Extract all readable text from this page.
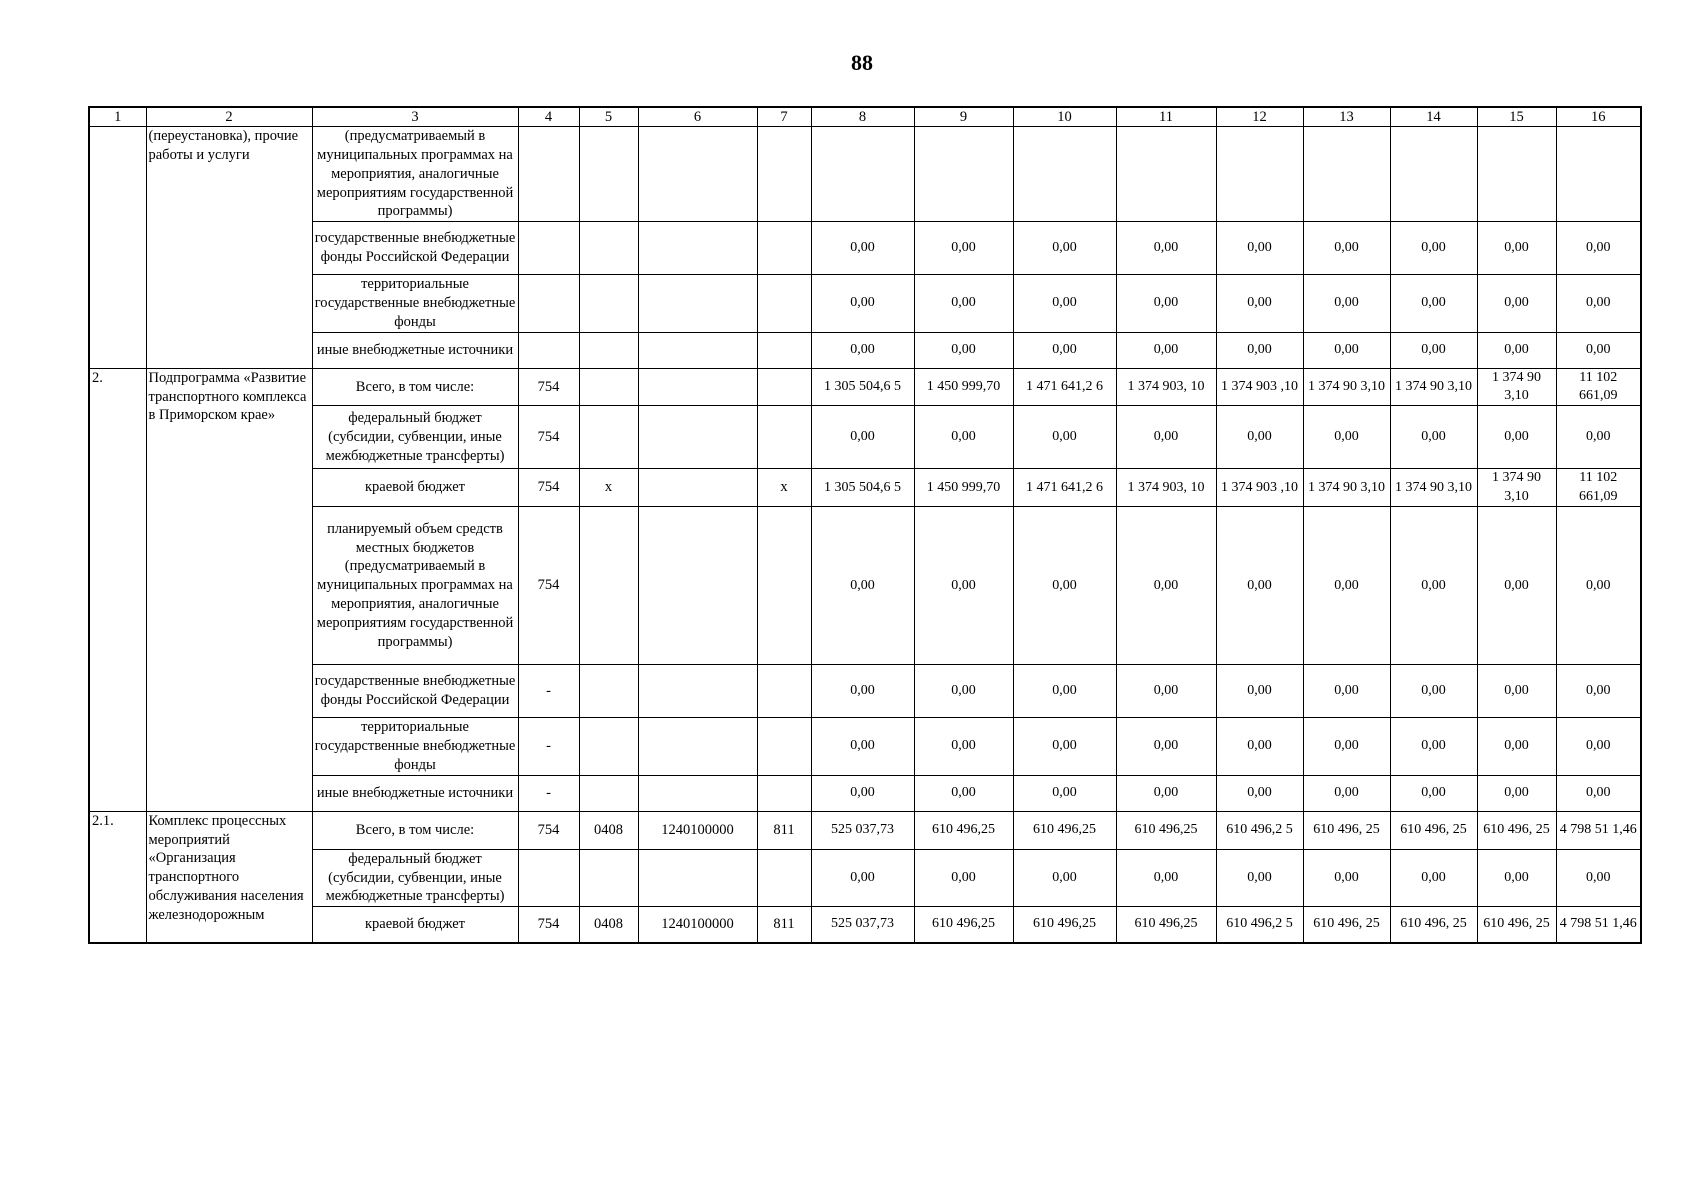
88
1	2	3	4	5	6	7	8	9	10	11	12	13	14	15	16
	(переустановка), прочие работы и услуги	(предусматриваемый в муниципальных программах на мероприятия, аналогичные мероприятиям государственной программы)													
		государственные внебюджетные фонды Российской Федерации					0,00	0,00	0,00	0,00	0,00	0,00	0,00	0,00	0,00
		территориальные государственные внебюджетные фонды					0,00	0,00	0,00	0,00	0,00	0,00	0,00	0,00	0,00
		иные внебюджетные источники					0,00	0,00	0,00	0,00	0,00	0,00	0,00	0,00	0,00
2.	Подпрограмма «Развитие транспортного комплекса в Приморском крае»	Всего, в том числе:	754				1 305 504,6 5	1 450 999,70	1 471 641,2 6	1 374 903, 10	1 374 903 ,10	1 374 90 3,10	1 374 90 3,10	1 374 90 3,10	11 102 661,09
		федеральный бюджет (субсидии, субвенции, иные межбюджетные трансферты)	754				0,00	0,00	0,00	0,00	0,00	0,00	0,00	0,00	0,00
		краевой бюджет	754	х		х	1 305 504,6 5	1 450 999,70	1 471 641,2 6	1 374 903, 10	1 374 903 ,10	1 374 90 3,10	1 374 90 3,10	1 374 90 3,10	11 102 661,09
		планируемый объем средств местных бюджетов (предусматриваемый в муниципальных программах на мероприятия, аналогичные мероприятиям государственной программы)	754				0,00	0,00	0,00	0,00	0,00	0,00	0,00	0,00	0,00
		государственные внебюджетные фонды Российской Федерации	-				0,00	0,00	0,00	0,00	0,00	0,00	0,00	0,00	0,00
		территориальные государственные внебюджетные фонды	-				0,00	0,00	0,00	0,00	0,00	0,00	0,00	0,00	0,00
		иные внебюджетные источники	-				0,00	0,00	0,00	0,00	0,00	0,00	0,00	0,00	0,00
2.1.	Комплекс процессных мероприятий «Организация транспортного обслуживания населения железнодорожным	Всего, в том числе:	754	0408	1240100000	811	525 037,73	610 496,25	610 496,25	610 496,25	610 496,2 5	610 496, 25	610 496, 25	610 496, 25	4 798 51 1,46
		федеральный бюджет (субсидии, субвенции, иные межбюджетные трансферты)					0,00	0,00	0,00	0,00	0,00	0,00	0,00	0,00	0,00
		краевой бюджет	754	0408	1240100000	811	525 037,73	610 496,25	610 496,25	610 496,25	610 496,2 5	610 496, 25	610 496, 25	610 496, 25	4 798 51 1,46
